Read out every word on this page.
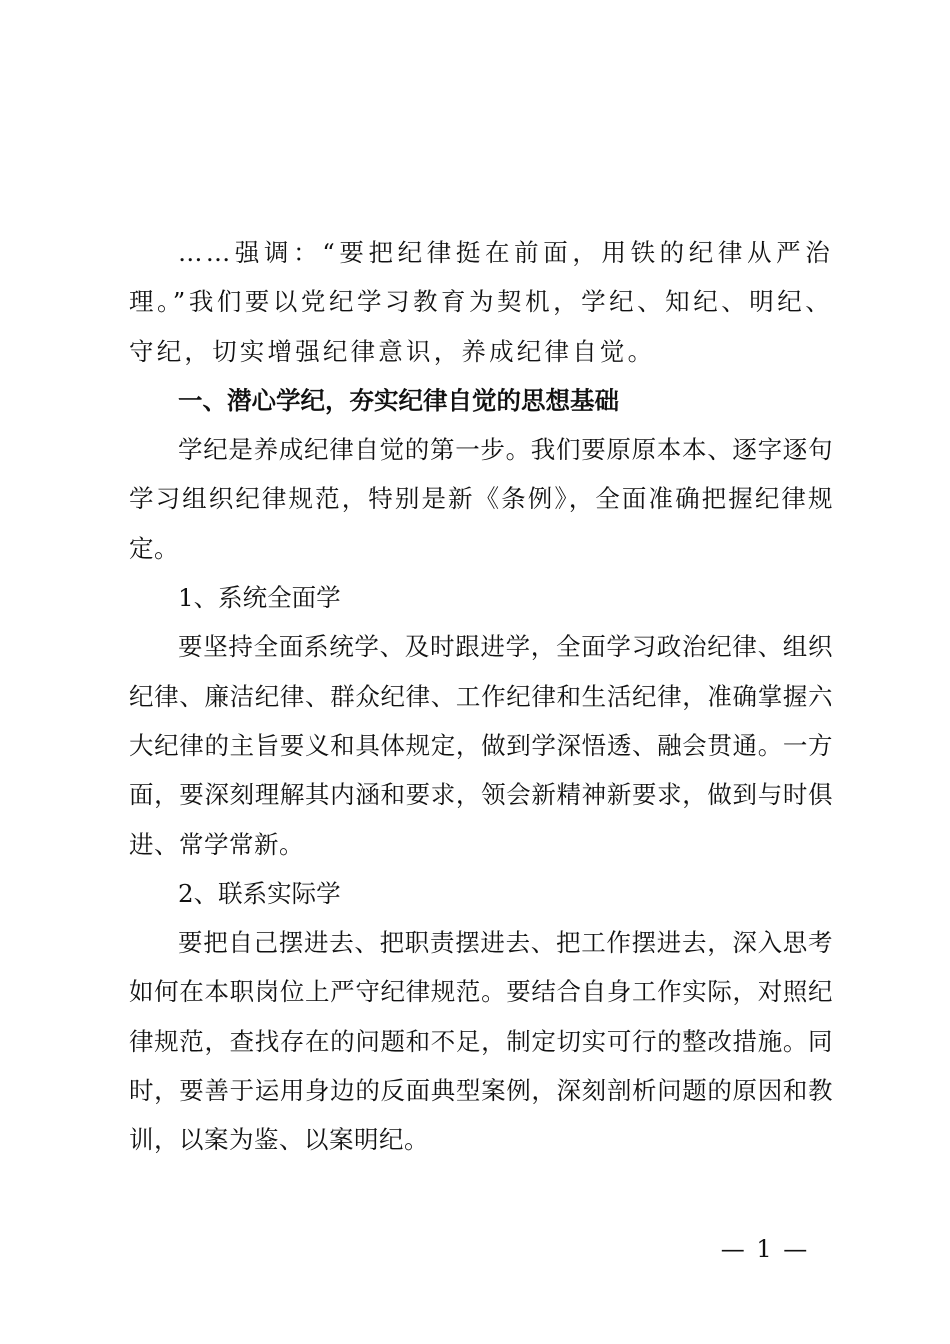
……强调：“要把纪律挺在前面，用铁的纪律从严治理。”我们要以党纪学习教育为契机，学纪、知纪、明纪、守纪，切实增强纪律意识，养成纪律自觉。

一、潜心学纪，夯实纪律自觉的思想基础

学纪是养成纪律自觉的第一步。我们要原原本本、逐字逐句学习组织纪律规范，特别是新《条例》，全面准确把握纪律规定。

1、系统全面学

要坚持全面系统学、及时跟进学，全面学习政治纪律、组织纪律、廉洁纪律、群众纪律、工作纪律和生活纪律，准确掌握六大纪律的主旨要义和具体规定，做到学深悟透、融会贯通。一方面，要深刻理解其内涵和要求，领会新精神新要求，做到与时俱进、常学常新。

2、联系实际学

要把自己摆进去、把职责摆进去、把工作摆进去，深入思考如何在本职岗位上严守纪律规范。要结合自身工作实际，对照纪律规范，查找存在的问题和不足，制定切实可行的整改措施。同时，要善于运用身边的反面典型案例，深刻剖析问题的原因和教训，以案为鉴、以案明纪。

— 1 —
